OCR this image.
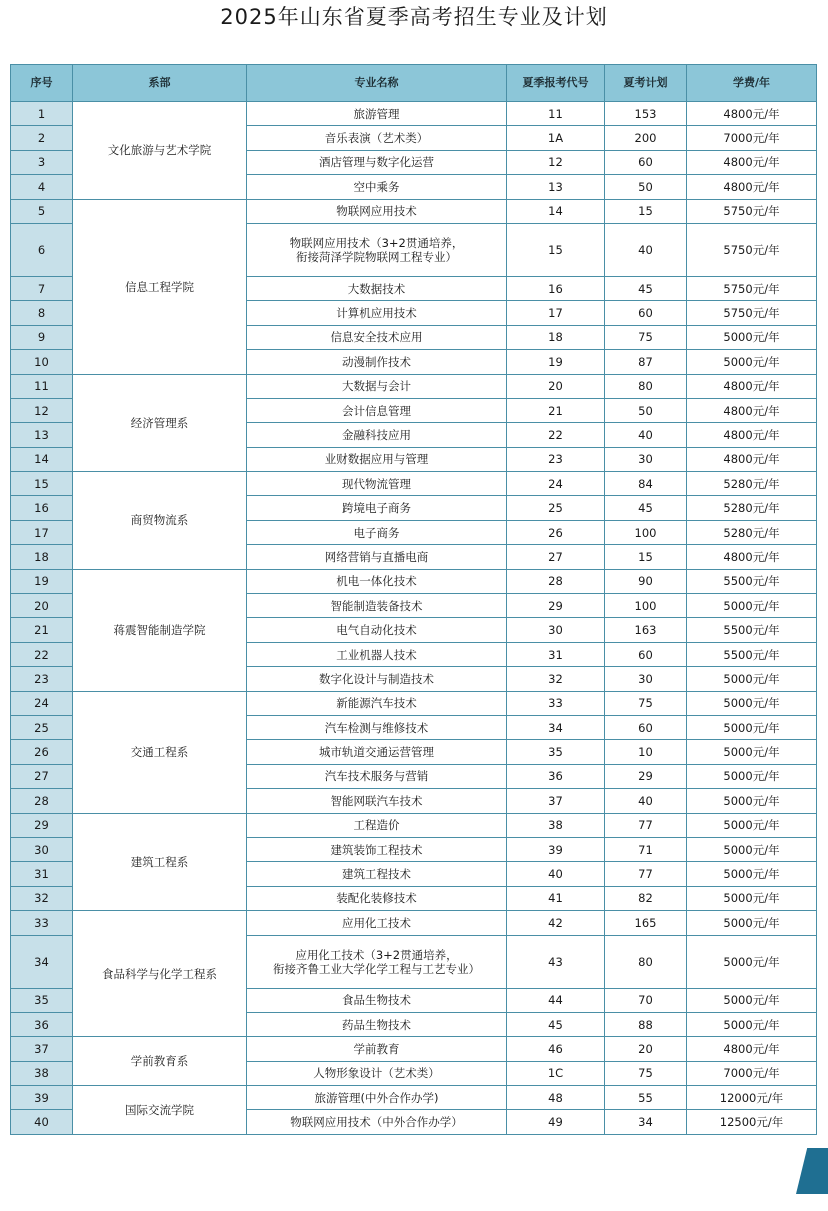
2025年山东省夏季高考招生专业及计划
序号	系部	专业名称	夏季报考代号	夏考计划	学费/年
1	文化旅游与艺术学院	旅游管理	11	153	4800元/年
2		音乐表演（艺术类）	1A	200	7000元/年
3		酒店管理与数字化运营	12	60	4800元/年
4		空中乘务	13	50	4800元/年
5	信息工程学院	物联网应用技术	14	15	5750元/年
6		物联网应用技术（3+2贯通培养，
衔接菏泽学院物联网工程专业）	15	40	5750元/年
7		大数据技术	16	45	5750元/年
8		计算机应用技术	17	60	5750元/年
9		信息安全技术应用	18	75	5000元/年
10		动漫制作技术	19	87	5000元/年
11	经济管理系	大数据与会计	20	80	4800元/年
12		会计信息管理	21	50	4800元/年
13		金融科技应用	22	40	4800元/年
14		业财数据应用与管理	23	30	4800元/年
15	商贸物流系	现代物流管理	24	84	5280元/年
16		跨境电子商务	25	45	5280元/年
17		电子商务	26	100	5280元/年
18		网络营销与直播电商	27	15	4800元/年
19	蒋震智能制造学院	机电一体化技术	28	90	5500元/年
20		智能制造装备技术	29	100	5000元/年
21		电气自动化技术	30	163	5500元/年
22		工业机器人技术	31	60	5500元/年
23		数字化设计与制造技术	32	30	5000元/年
24	交通工程系	新能源汽车技术	33	75	5000元/年
25		汽车检测与维修技术	34	60	5000元/年
26		城市轨道交通运营管理	35	10	5000元/年
27		汽车技术服务与营销	36	29	5000元/年
28		智能网联汽车技术	37	40	5000元/年
29	建筑工程系	工程造价	38	77	5000元/年
30		建筑装饰工程技术	39	71	5000元/年
31		建筑工程技术	40	77	5000元/年
32		装配化装修技术	41	82	5000元/年
33	食品科学与化学工程系	应用化工技术	42	165	5000元/年
34		应用化工技术（3+2贯通培养，
衔接齐鲁工业大学化学工程与工艺专业）	43	80	5000元/年
35		食品生物技术	44	70	5000元/年
36		药品生物技术	45	88	5000元/年
37	学前教育系	学前教育	46	20	4800元/年
38		人物形象设计（艺术类）	1C	75	7000元/年
39	国际交流学院	旅游管理(中外合作办学)	48	55	12000元/年
40		物联网应用技术（中外合作办学）	49	34	12500元/年
